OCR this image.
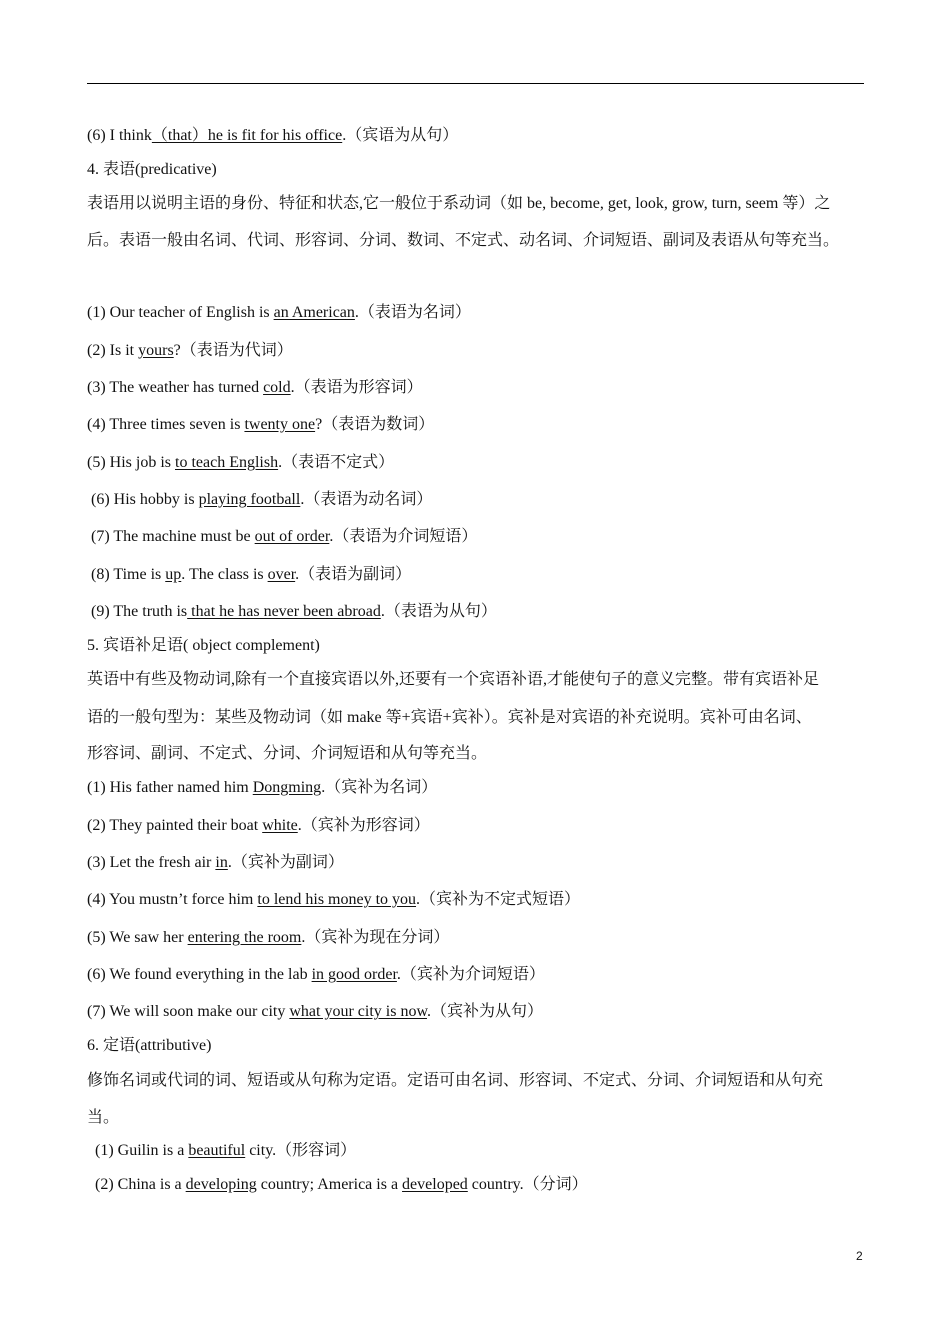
(6) I think（that）he is fit for his office.（宾语为从句）
4. 表语(predicative)
表语用以说明主语的身份、特征和状态,它一般位于系动词（如 be, become, get, look, grow, turn, seem 等）之
后。表语一般由名词、代词、形容词、分词、数词、不定式、动名词、介词短语、副词及表语从句等充当。
(1) Our teacher of English is an American.（表语为名词）
(2) Is it yours?（表语为代词）
(3) The weather has turned cold.（表语为形容词）
(4) Three times seven is twenty one?（表语为数词）
(5) His job is to teach English.（表语不定式）
(6) His hobby is playing football.（表语为动名词）
(7) The machine must be out of order.（表语为介词短语）
(8) Time is up. The class is over.（表语为副词）
(9) The truth is that he has never been abroad.（表语为从句）
5. 宾语补足语( object complement)
英语中有些及物动词,除有一个直接宾语以外,还要有一个宾语补语,才能使句子的意义完整。带有宾语补足
语的一般句型为：某些及物动词（如 make 等+宾语+宾补）。宾补是对宾语的补充说明。宾补可由名词、
形容词、副词、不定式、分词、介词短语和从句等充当。
(1) His father named him Dongming.（宾补为名词）
(2) They painted their boat white.（宾补为形容词）
(3) Let the fresh air in.（宾补为副词）
(4) You mustn’t force him to lend his money to you.（宾补为不定式短语）
(5) We saw her entering the room.（宾补为现在分词）
(6) We found everything in the lab in good order.（宾补为介词短语）
(7) We will soon make our city what your city is now.（宾补为从句）
6. 定语(attributive)
修饰名词或代词的词、短语或从句称为定语。定语可由名词、形容词、不定式、分词、介词短语和从句充
当。
(1) Guilin is a beautiful city.（形容词）
(2) China is a developing country; America is a developed country.（分词）
2
